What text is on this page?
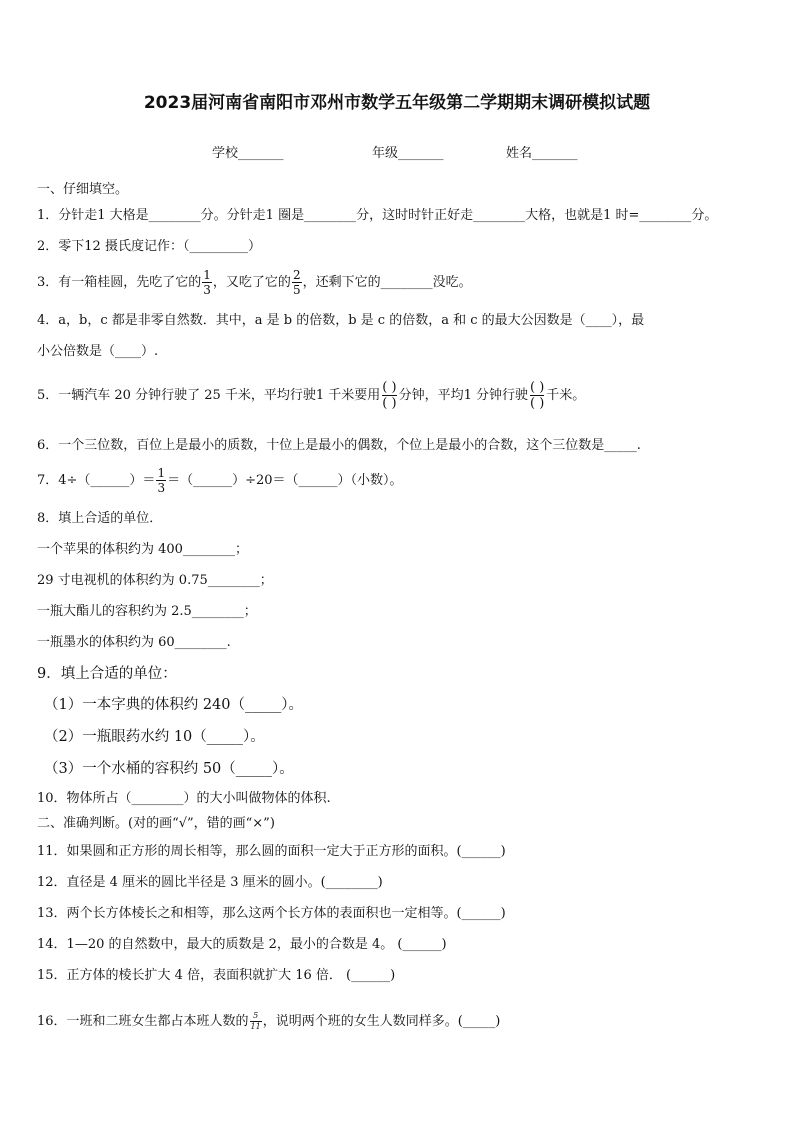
2023届河南省南阳市邓州市数学五年级第二学期期末调研模拟试题
学校_______	年级_______	姓名_______
一、仔细填空。
1．分针走1 大格是________分。分针走1 圈是________分，这时时针正好走________大格，也就是1 时=________分。
2．零下12 摄氏度记作：（_________）
3．有一箱桂圆，先吃了它的 $\frac{1}{3}$ ，又吃了它的 $\frac{2}{5}$ ，还剩下它的________没吃。
4．a，b，c 都是非零自然数．其中，a 是 b 的倍数，b 是 c 的倍数，a 和 c 的最大公因数是（____），最
小公倍数是（____）.
5．一辆汽车 20 分钟行驶了 25 千米，平均行驶1 千米要用
( )
( )
分钟，平均1 分钟行驶
( )
( )
千米。
6．一个三位数，百位上是最小的质数，十位上是最小的偶数，个位上是最小的合数，这个三位数是_____.
7．4÷（______）＝ $\frac{1}{3}$ ＝（______）÷20＝（______）（小数）。
8．填上合适的单位．
一个苹果的体积约为 400________；
29 寸电视机的体积约为 0.75________；
一瓶大酯儿的容积约为 2.5________；
一瓶墨水的体积约为 60________.
9．填上合适的单位：
（1）一本字典的体积约 240（_____）。
（2）一瓶眼药水约 10（_____）。
（3）一个水桶的容积约 50（_____）。
10．物体所占（________）的大小叫做物体的体积.
二、准确判断。(对的画“√”，错的画“×”)
11．如果圆和正方形的周长相等，那么圆的面积一定大于正方形的面积。(______)
12．直径是 4 厘米的圆比半径是 3 厘米的圆小。(________)
13．两个长方体棱长之和相等，那么这两个长方体的表面积也一定相等。(______)
14．1—20 的自然数中，最大的质数是 2，最小的合数是 4。 (______)
15．正方体的棱长扩大 4 倍，表面积就扩大 16 倍． (______)
16．一班和二班女生都占本班人数的 $\frac{5}{11}$ ，说明两个班的女生人数同样多。(_____)
